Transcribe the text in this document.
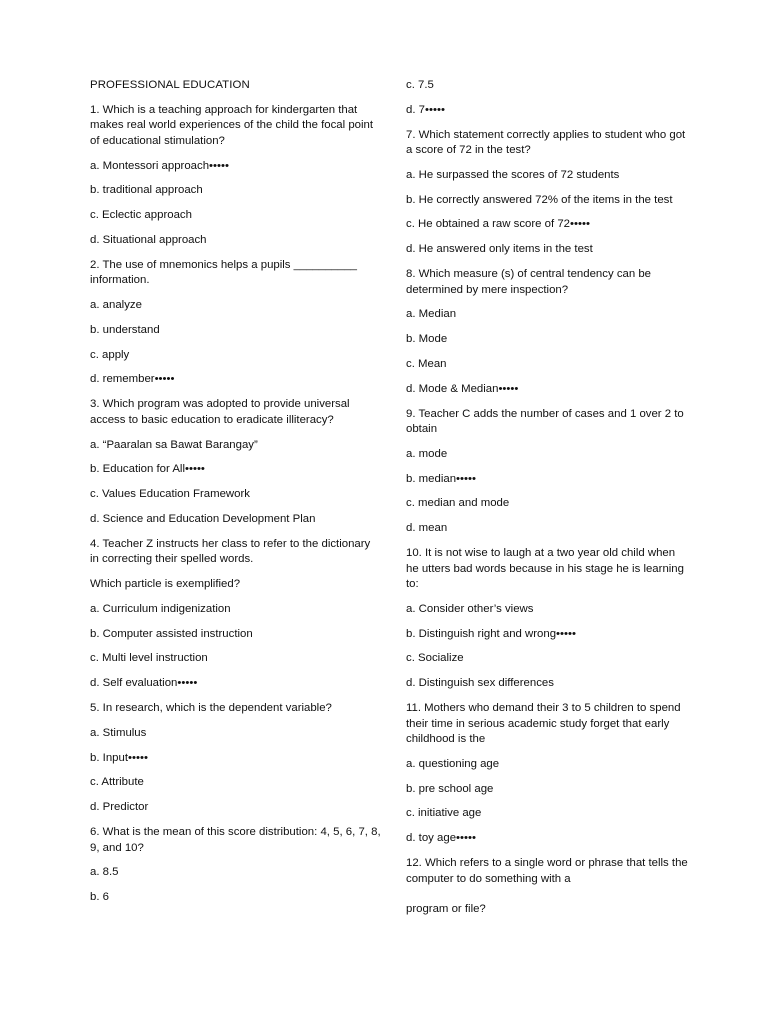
PROFESSIONAL EDUCATION
1. Which is a teaching approach for kindergarten that makes real world experiences of the child the focal point of educational stimulation?
a. Montessori approach•••••
b. traditional approach
c. Eclectic approach
d. Situational approach
2. The use of mnemonics helps a pupils __________ information.
a. analyze
b. understand
c. apply
d. remember•••••
3. Which program was adopted to provide universal access to basic education to eradicate illiteracy?
a. “Paaralan sa Bawat Barangay”
b. Education for All•••••
c. Values Education Framework
d. Science and Education Development Plan
4. Teacher Z instructs her class to refer to the dictionary in correcting their spelled words.
Which particle is exemplified?
a. Curriculum indigenization
b. Computer assisted instruction
c. Multi level instruction
d. Self evaluation•••••
5. In research, which is the dependent variable?
a. Stimulus
b. Input•••••
c. Attribute
d. Predictor
6. What is the mean of this score distribution: 4, 5, 6, 7, 8, 9, and 10?
a. 8.5
b. 6
c. 7.5
d. 7•••••
7. Which statement correctly applies to student who got a score of 72 in the test?
a. He surpassed the scores of 72 students
b. He correctly answered 72% of the items in the test
c. He obtained a raw score of 72•••••
d. He answered only items in the test
8. Which measure (s) of central tendency can be determined by mere inspection?
a. Median
b. Mode
c. Mean
d. Mode & Median•••••
9. Teacher C adds the number of cases and 1 over 2 to obtain
a. mode
b. median•••••
c. median and mode
d. mean
10. It is not wise to laugh at a two year old child when he utters bad words because in his stage he is learning to:
a. Consider other’s views
b. Distinguish right and wrong•••••
c. Socialize
d. Distinguish sex differences
11. Mothers who demand their 3 to 5 children to spend their time in serious academic study forget that early childhood is the
a. questioning age
b. pre school age
c. initiative age
d. toy age•••••
12. Which refers to a single word or phrase that tells the computer to do something with a
program or file?
